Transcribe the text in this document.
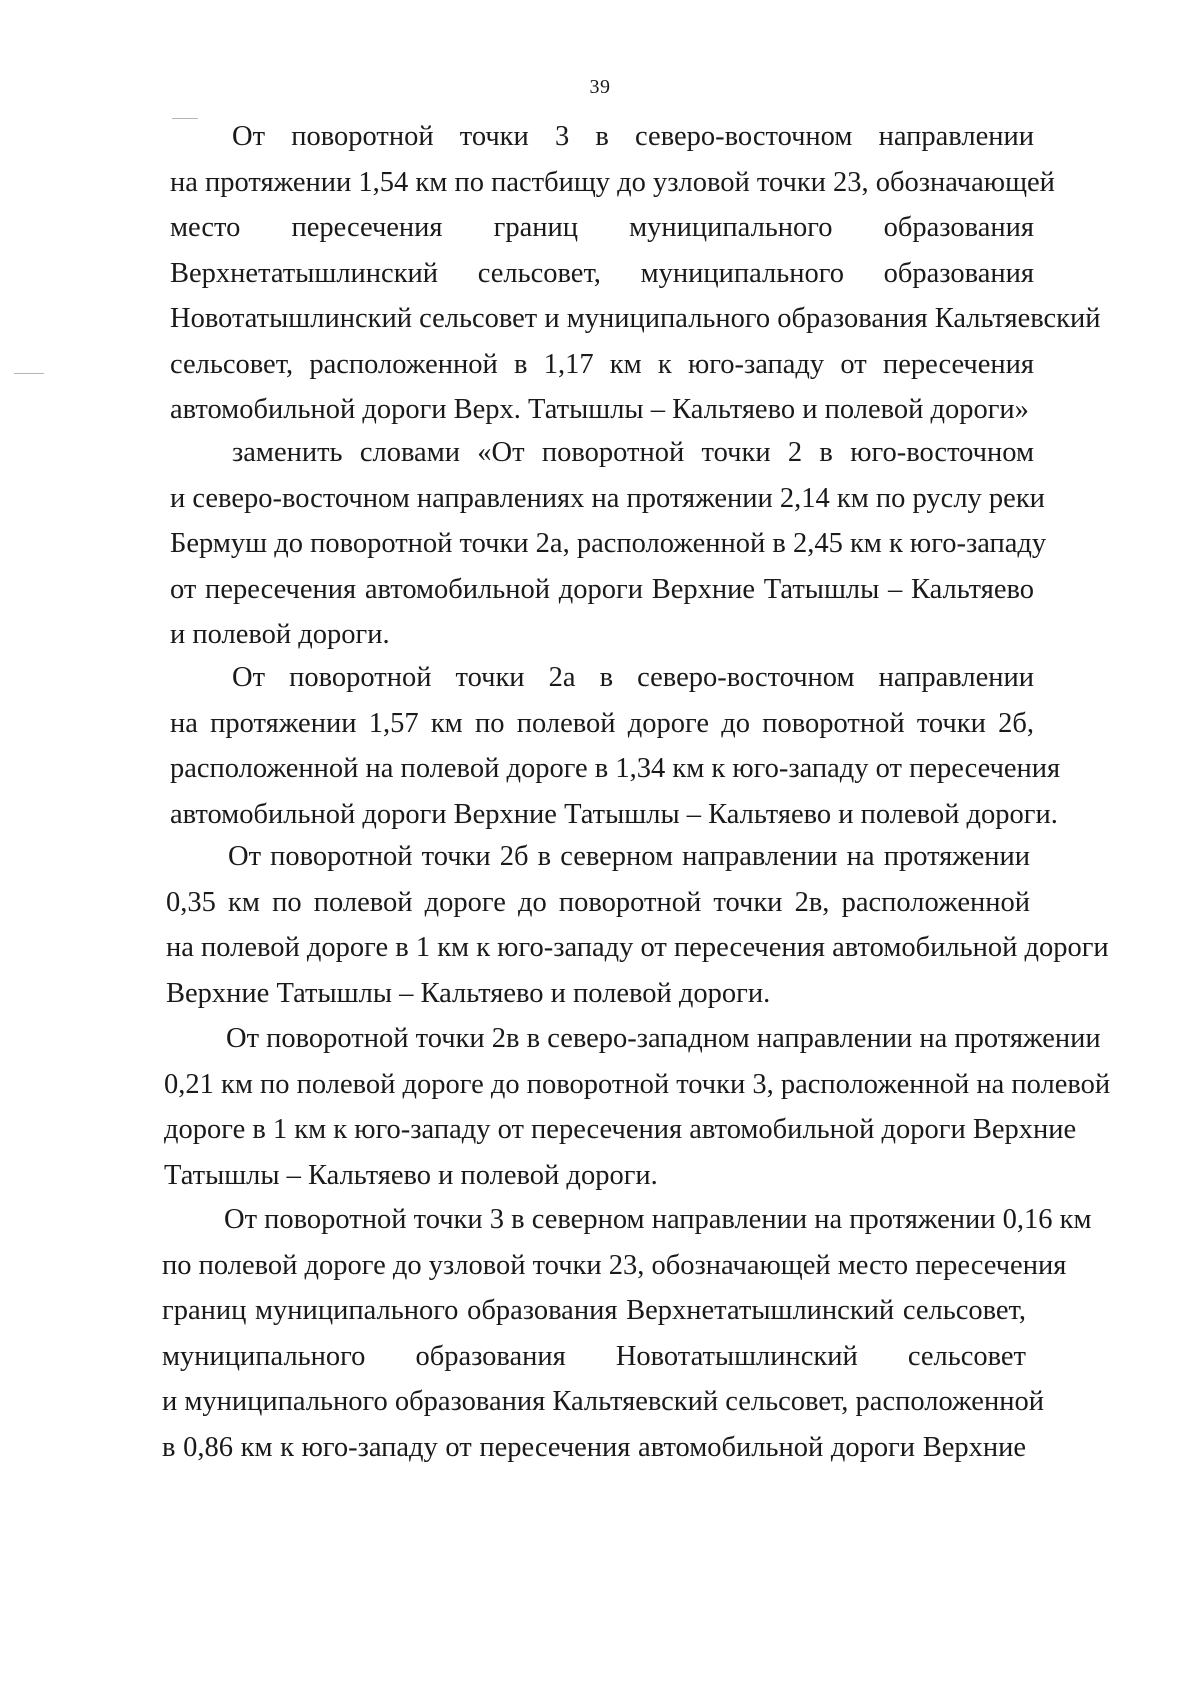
39
От поворотной точки 3 в северо-восточном направлении
на протяжении 1,54 км по пастбищу до узловой точки 23, обозначающей
место пересечения границ муниципального образования
Верхнетатышлинский сельсовет, муниципального образования
Новотатышлинский сельсовет и муниципального образования Кальтяевский
сельсовет, расположенной в 1,17 км к юго-западу от пересечения
автомобильной дороги Верх. Татышлы – Кальтяево и полевой дороги»
заменить словами «От поворотной точки 2 в юго-восточном
и северо-восточном направлениях на протяжении 2,14 км по руслу реки
Бермуш до поворотной точки 2а, расположенной в 2,45 км к юго-западу
от пересечения автомобильной дороги Верхние Татышлы – Кальтяево
и полевой дороги.
От поворотной точки 2а в северо-восточном направлении
на протяжении 1,57 км по полевой дороге до поворотной точки 2б,
расположенной на полевой дороге в 1,34 км к юго-западу от пересечения
автомобильной дороги Верхние Татышлы – Кальтяево и полевой дороги.
От поворотной точки 2б в северном направлении на протяжении
0,35 км по полевой дороге до поворотной точки 2в, расположенной
на полевой дороге в 1 км к юго-западу от пересечения автомобильной дороги
Верхние Татышлы – Кальтяево и полевой дороги.
От поворотной точки 2в в северо-западном направлении на протяжении
0,21 км по полевой дороге до поворотной точки 3, расположенной на полевой
дороге в 1 км к юго-западу от пересечения автомобильной дороги Верхние
Татышлы – Кальтяево и полевой дороги.
От поворотной точки 3 в северном направлении на протяжении 0,16 км
по полевой дороге до узловой точки 23, обозначающей место пересечения
границ муниципального образования Верхнетатышлинский сельсовет,
муниципального образования Новотатышлинский сельсовет
и муниципального образования Кальтяевский сельсовет, расположенной
в 0,86 км к юго-западу от пересечения автомобильной дороги Верхние
